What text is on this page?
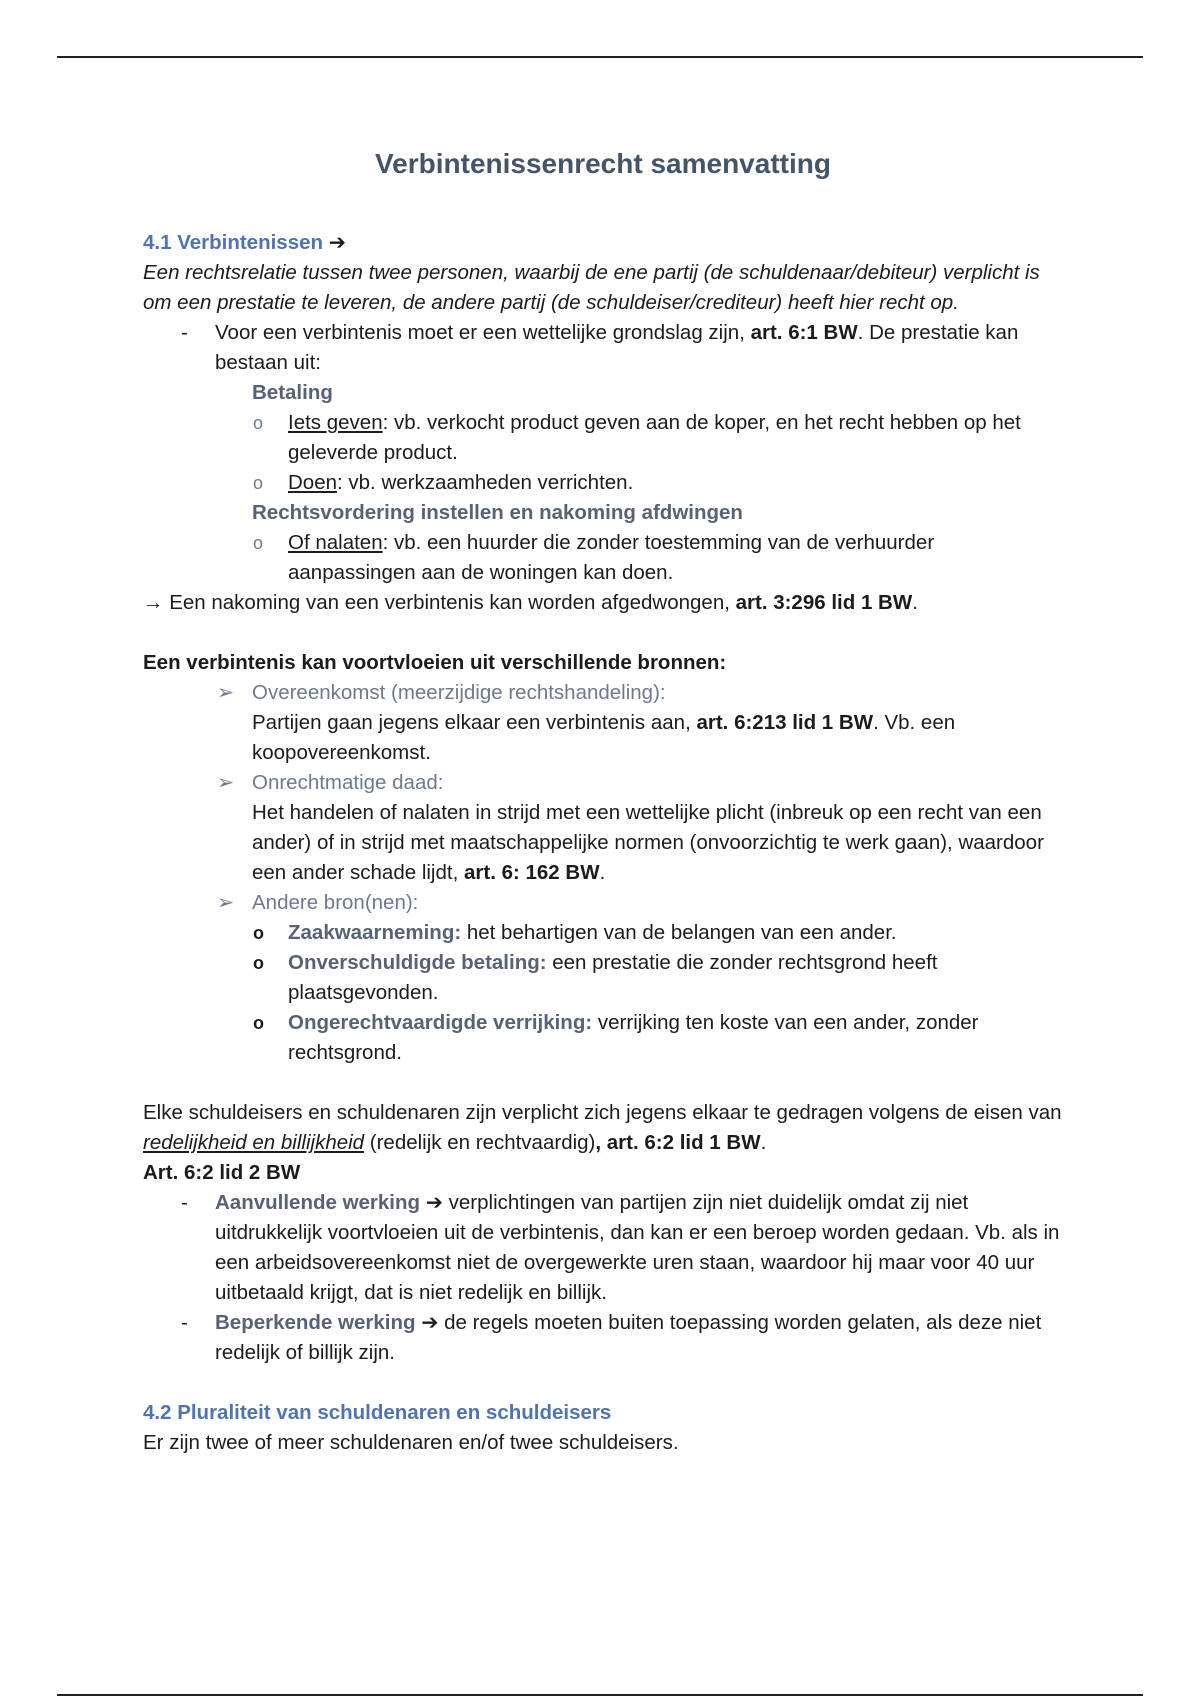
Verbintenissenrecht samenvatting

4.1 Verbintenissen ➔

Een rechtsrelatie tussen twee personen, waarbij de ene partij (de schuldenaar/debiteur) verplicht is om een prestatie te leveren, de andere partij (de schuldeiser/crediteur) heeft hier recht op.

- Voor een verbintenis moet er een wettelijke grondslag zijn, art. 6:1 BW. De prestatie kan bestaan uit:
Betaling
o Iets geven: vb. verkocht product geven aan de koper, en het recht hebben op het geleverde product.
o Doen: vb. werkzaamheden verrichten.
Rechtsvordering instellen en nakoming afdwingen
o Of nalaten: vb. een huurder die zonder toestemming van de verhuurder aanpassingen aan de woningen kan doen.

→ Een nakoming van een verbintenis kan worden afgedwongen, art. 3:296 lid 1 BW.

Een verbintenis kan voortvloeien uit verschillende bronnen:

➢ Overeenkomst (meerzijdige rechtshandeling):
Partijen gaan jegens elkaar een verbintenis aan, art. 6:213 lid 1 BW. Vb. een koopovereenkomst.
➢ Onrechtmatige daad:
Het handelen of nalaten in strijd met een wettelijke plicht (inbreuk op een recht van een ander) of in strijd met maatschappelijke normen (onvoorzichtig te werk gaan), waardoor een ander schade lijdt, art. 6: 162 BW.
➢ Andere bron(nen):
o Zaakwaarneming: het behartigen van de belangen van een ander.
o Onverschuldigde betaling: een prestatie die zonder rechtsgrond heeft plaatsgevonden.
o Ongerechtvaardigde verrijking: verrijking ten koste van een ander, zonder rechtsgrond.

Elke schuldeisers en schuldenaren zijn verplicht zich jegens elkaar te gedragen volgens de eisen van redelijkheid en billijkheid (redelijk en rechtvaardig), art. 6:2 lid 1 BW.

Art. 6:2 lid 2 BW

- Aanvullende werking ➔ verplichtingen van partijen zijn niet duidelijk omdat zij niet uitdrukkelijk voortvloeien uit de verbintenis, dan kan er een beroep worden gedaan. Vb. als in een arbeidsovereenkomst niet de overgewerkte uren staan, waardoor hij maar voor 40 uur uitbetaald krijgt, dat is niet redelijk en billijk.
- Beperkende werking ➔ de regels moeten buiten toepassing worden gelaten, als deze niet redelijk of billijk zijn.

4.2 Pluraliteit van schuldenaren en schuldeisers

Er zijn twee of meer schuldenaren en/of twee schuldeisers.
